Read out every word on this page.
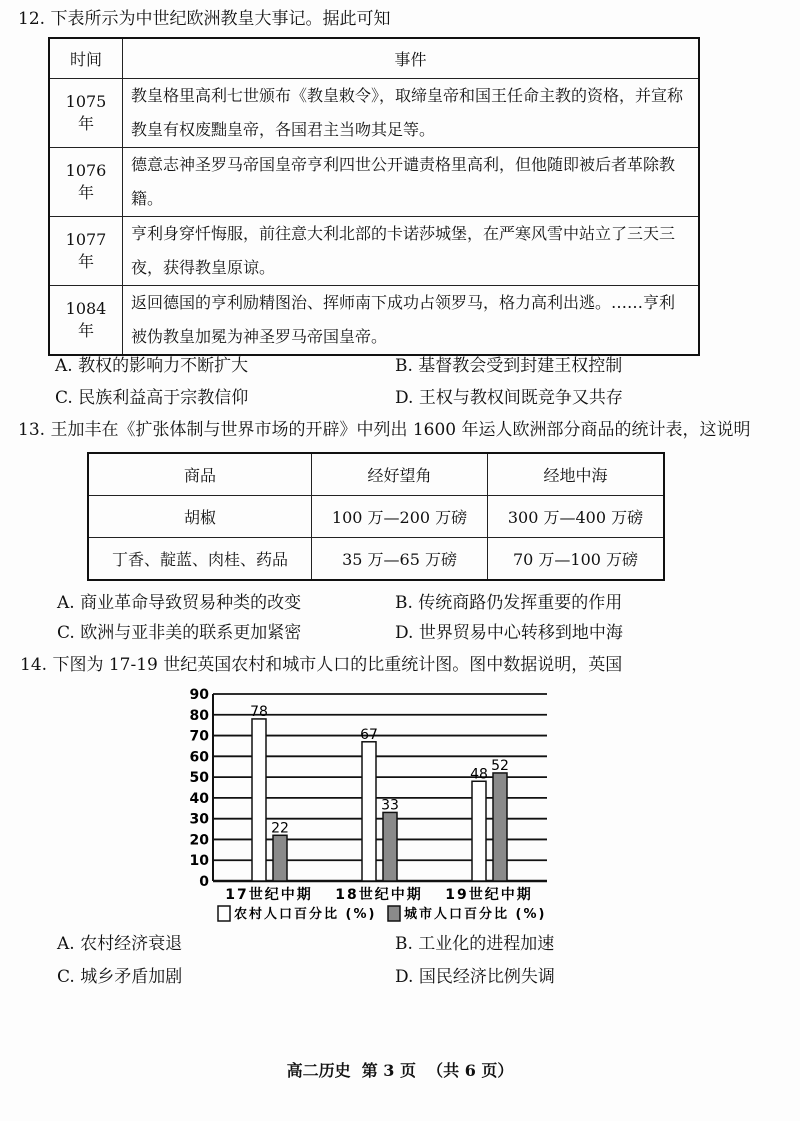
12. 下表所示为中世纪欧洲教皇大事记。据此可知
时间	事件
1075 年	教皇格里高利七世颁布《教皇敕令》，取缔皇帝和国王任命主教的资格，并宣称教皇有权废黜皇帝，各国君主当吻其足等。
1076 年	德意志神圣罗马帝国皇帝亨利四世公开谴责格里高利，但他随即被后者革除教籍。
1077 年	亨利身穿忏悔服，前往意大利北部的卡诺莎城堡，在严寒风雪中站立了三天三夜，获得教皇原谅。
1084 年	返回德国的亨利励精图治、挥师南下成功占领罗马，格力高利出逃。……亨利被伪教皇加冕为神圣罗马帝国皇帝。
A. 教权的影响力不断扩大	B. 基督教会受到封建王权控制
C. 民族利益高于宗教信仰	D. 王权与教权间既竞争又共存
13. 王加丰在《扩张体制与世界市场的开辟》中列出 1600 年运人欧洲部分商品的统计表，这说明
商品	经好望角	经地中海
胡椒	100 万—200 万磅	300 万—400 万磅
丁香、靛蓝、肉桂、药品	35 万—65 万磅	70 万—100 万磅
A. 商业革命导致贸易种类的改变	B. 传统商路仍发挥重要的作用
C. 欧洲与亚非美的联系更加紧密	D. 世界贸易中心转移到地中海
14. 下图为 17-19 世纪英国农村和城市人口的比重统计图。图中数据说明，英国
0
10
20
30
40
50
60
70
80
90
78
22
17世纪中期
67
33
18世纪中期
48
52
19世纪中期
农村人口百分比 (%) 城市人口百分比 (%)
A. 农村经济衰退	B. 工业化的进程加速
C. 城乡矛盾加剧	D. 国民经济比例失调
高二历史  第 3 页  （共 6 页）
